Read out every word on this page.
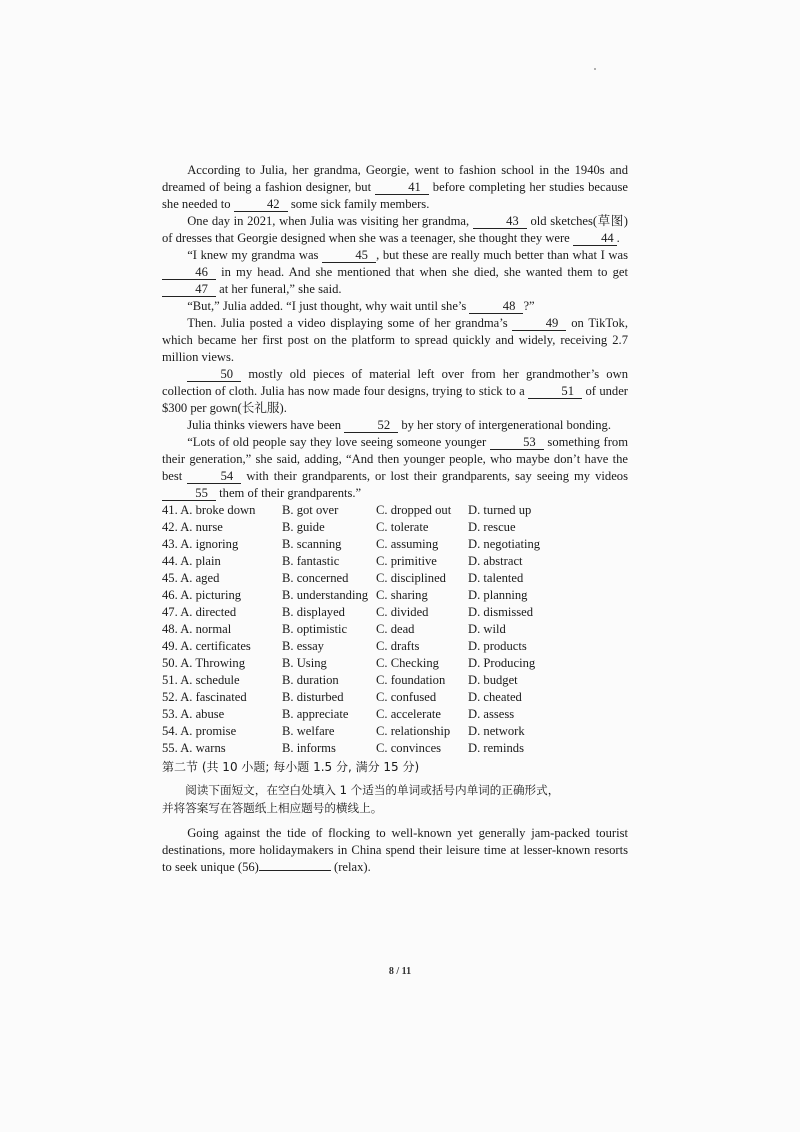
According to Julia, her grandma, Georgie, went to fashion school in the 1940s and dreamed of being a fashion designer, but	41 before completing her studies because she needed to	42 some sick family members.

One day in 2021, when Julia was visiting her grandma,	43 old sketches(草图) of dresses that Georgie designed when she was a teenager, she thought they were 44 .

“I knew my grandma was	45 , but these are really much better than what I was 46 in my head. And she mentioned that when she died, she wanted them to get 47 at her funeral,” she said.

“But,” Julia added. “I just thought, why wait until she’s	48 ?”

Then. Julia posted a video displaying some of her grandma’s	49 on TikTok, which became her first post on the platform to spread quickly and widely, receiving 2.7 million views.

50 mostly old pieces of material left over from her grandmother’s own collection of cloth. Julia has now made four designs, trying to stick to a	51 of under $300 per gown(长礼服).

Julia thinks viewers have been	52 by her story of intergenerational bonding.

“Lots of old people say they love seeing someone younger	53 something from their generation,” she said, adding, “And then younger people, who maybe don’t have the best	54 with their grandparents, or lost their grandparents, say seeing my videos 55 them of their grandparents.”

41. A. broke down	B. got over	C. dropped out	D. turned up
42. A. nurse	B. guide	C. tolerate	D. rescue
43. A. ignoring	B. scanning	C. assuming	D. negotiating
44. A. plain	B. fantastic	C. primitive	D. abstract
45. A. aged	B. concerned	C. disciplined	D. talented
46. A. picturing	B. understanding C. sharing	D. planning
47. A. directed	B. displayed	C. divided	D. dismissed
48. A. normal	B. optimistic	C. dead	D. wild
49. A. certificates	B. essay	C. drafts	D. products
50. A. Throwing	B. Using	C. Checking	D. Producing
51. A. schedule	B. duration	C. foundation	D. budget
52. A. fascinated	B. disturbed	C. confused	D. cheated
53. A. abuse	B. appreciate	C. accelerate	D. assess
54. A. promise	B. welfare	C. relationship	D. network
55. A. warns	B. informs	C. convinces	D. reminds
第二节 (共 10 小题; 每小题 1.5 分, 满分 15 分)

阅读下面短文，在空白处填入 1 个适当的单词或括号内单词的正确形式，

并将答案写在答题纸上相应题号的横线上。

Going against the tide of flocking to well-known yet generally jam-packed tourist destinations, more holidaymakers in China spend their leisure time at lesser-known resorts to seek unique (56)	(relax).

8 / 11
